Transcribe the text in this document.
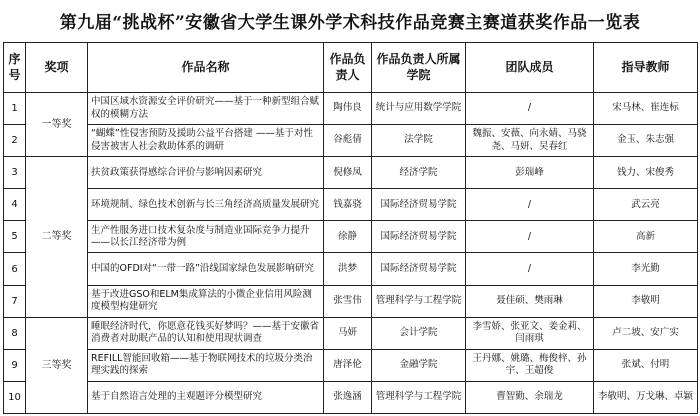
第九届“挑战杯”安徽省大学生课外学术科技作品竞赛主赛道获奖作品一览表
序号	奖项	作品名称	作品负责人	作品负责人所属学院	团队成员	指导教师
1	一等奖	中国区域水资源安全评价研究——基于一种新型组合赋权的模糊方法	陶伟良	统计与应用数学学院	/	宋马林、崔连标
2		“蝴蝶”性侵害预防及援助公益平台搭建 ——基于对性侵害被害人社会救助体系的调研	谷彪倩	法学院	魏振、安薇、向永婧、马骁尧、马妍、吴春红	金玉、朱志强
3	二等奖	扶贫政策获得感综合评价与影响因素研究	倪修凤	经济学院	彭瑞峰	钱力、宋俊秀
4		环境规制、绿色技术创新与长三角经济高质量发展研究	钱嘉骁	国际经济贸易学院	/	武云亮
5		生产性服务进口技术复杂度与制造业国际竞争力提升——以长江经济带为例	徐静	国际经济贸易学院	/	高新
6		中国的OFDI对“一带一路”沿线国家绿色发展影响研究	洪梦	国际经济贸易学院	/	李光勤
7		基于改进GSO和ELM集成算法的小微企业信用风险测度模型构建研究	张雪伟	管理科学与工程学院	聂佳硕、樊雨琳	李敬明
8	三等奖	睡眠经济时代，你愿意花钱买好梦吗？——基于安徽省消费者对助眠产品的认知和使用现状调查	马妍	会计学院	李雪娇、张亚文、姜金莉、闫雨琪	卢二坡、安广实
9		REFILL智能回收箱——基于物联网技术的垃圾分类治理实践的探索	唐泽伦	金融学院	王丹娜、姚璐、梅俊梓、孙宇、王超俊	张斌、付明
10		基于自然语言处理的主观题评分模型研究	张逸涵	管理科学与工程学院	曹智勤、余瑞龙	李敬明、万戈琳、卓颖
